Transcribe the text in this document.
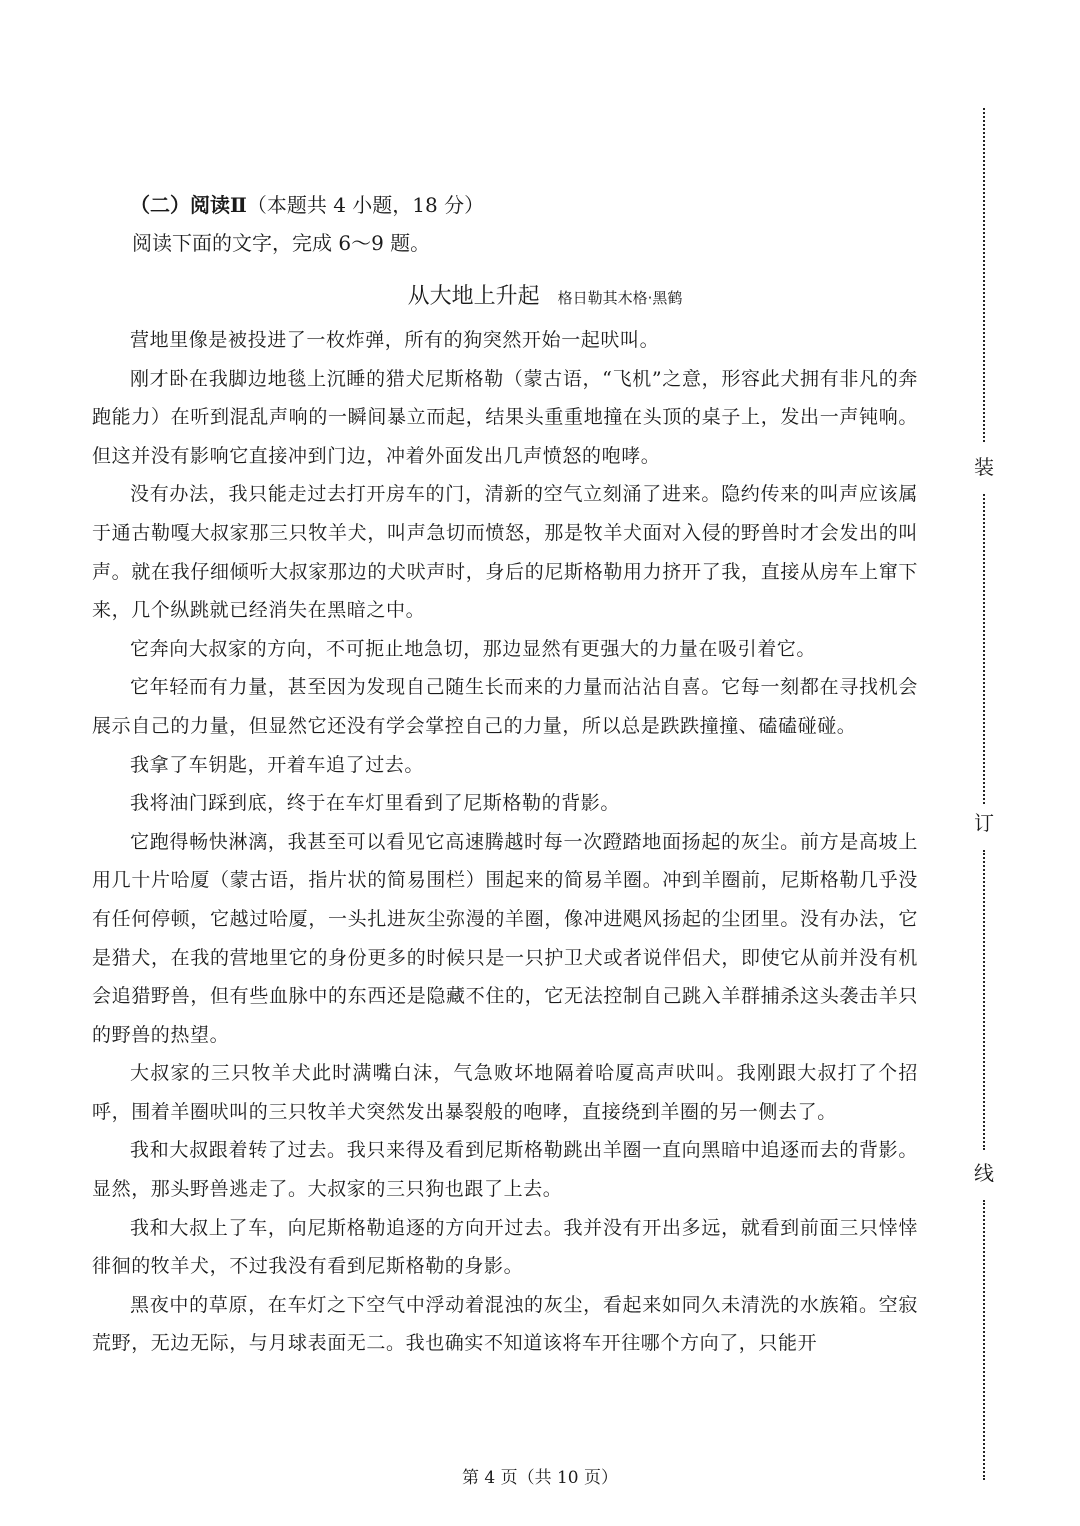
（二）阅读Ⅱ（本题共 4 小题，18 分）
阅读下面的文字，完成 6～9 题。
从大地上升起 格日勒其木格·黑鹤

营地里像是被投进了一枚炸弹，所有的狗突然开始一起吠叫。

刚才卧在我脚边地毯上沉睡的猎犬尼斯格勒（蒙古语，“飞机”之意，形容此犬拥有非凡的奔跑能力）在听到混乱声响的一瞬间暴立而起，结果头重重地撞在头顶的桌子上，发出一声钝响。但这并没有影响它直接冲到门边，冲着外面发出几声愤怒的咆哮。

没有办法，我只能走过去打开房车的门，清新的空气立刻涌了进来。隐约传来的叫声应该属于通古勒嘎大叔家那三只牧羊犬，叫声急切而愤怒，那是牧羊犬面对入侵的野兽时才会发出的叫声。就在我仔细倾听大叔家那边的犬吠声时，身后的尼斯格勒用力挤开了我，直接从房车上窜下来，几个纵跳就已经消失在黑暗之中。

它奔向大叔家的方向，不可扼止地急切，那边显然有更强大的力量在吸引着它。

它年轻而有力量，甚至因为发现自己随生长而来的力量而沾沾自喜。它每一刻都在寻找机会展示自己的力量，但显然它还没有学会掌控自己的力量，所以总是跌跌撞撞、磕磕碰碰。

我拿了车钥匙，开着车追了过去。

我将油门踩到底，终于在车灯里看到了尼斯格勒的背影。

它跑得畅快淋漓，我甚至可以看见它高速腾越时每一次蹬踏地面扬起的灰尘。前方是高坡上用几十片哈厦（蒙古语，指片状的简易围栏）围起来的简易羊圈。冲到羊圈前，尼斯格勒几乎没有任何停顿，它越过哈厦，一头扎进灰尘弥漫的羊圈，像冲进飓风扬起的尘团里。没有办法，它是猎犬，在我的营地里它的身份更多的时候只是一只护卫犬或者说伴侣犬，即使它从前并没有机会追猎野兽，但有些血脉中的东西还是隐藏不住的，它无法控制自己跳入羊群捕杀这头袭击羊只的野兽的热望。

大叔家的三只牧羊犬此时满嘴白沫，气急败坏地隔着哈厦高声吠叫。我刚跟大叔打了个招呼，围着羊圈吠叫的三只牧羊犬突然发出暴裂般的咆哮，直接绕到羊圈的另一侧去了。

我和大叔跟着转了过去。我只来得及看到尼斯格勒跳出羊圈一直向黑暗中追逐而去的背影。显然，那头野兽逃走了。大叔家的三只狗也跟了上去。

我和大叔上了车，向尼斯格勒追逐的方向开过去。我并没有开出多远，就看到前面三只悻悻徘徊的牧羊犬，不过我没有看到尼斯格勒的身影。

黑夜中的草原，在车灯之下空气中浮动着混浊的灰尘，看起来如同久未清洗的水族箱。空寂荒野，无边无际，与月球表面无二。我也确实不知道该将车开往哪个方向了，只能开

装
订
线
第 4 页（共 10 页）
